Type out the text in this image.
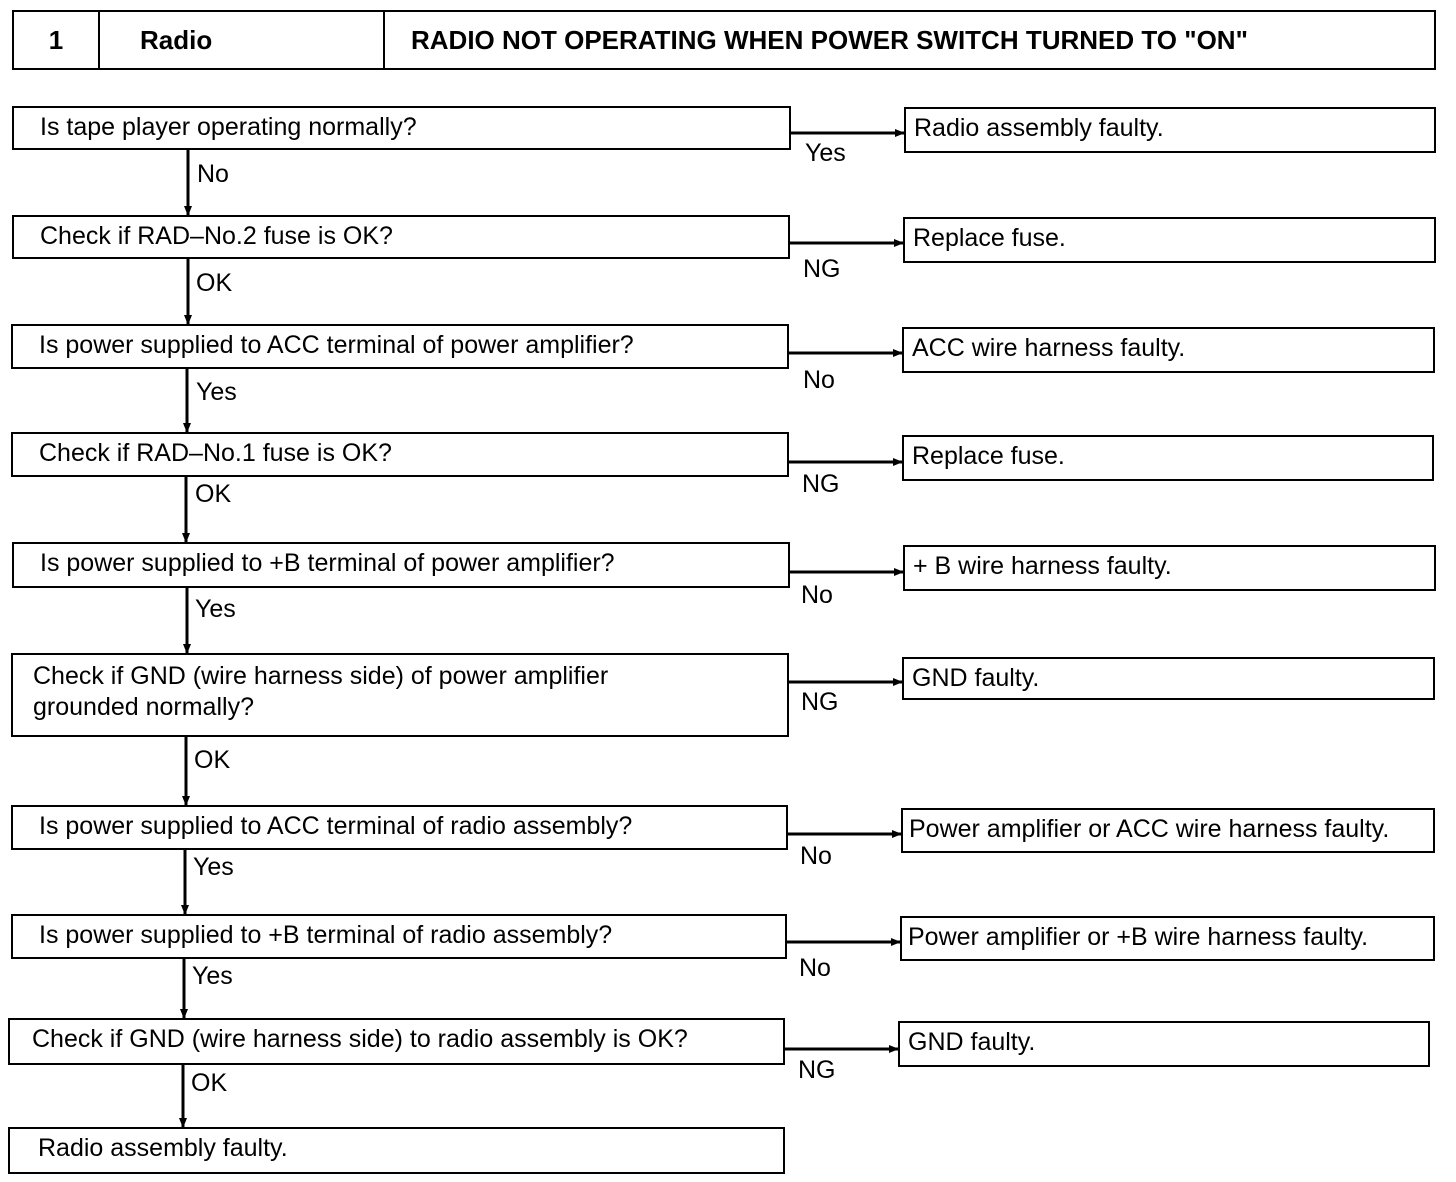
1	Radio	RADIO NOT OPERATING WHEN POWER SWITCH TURNED TO "ON"
Is tape player operating normally?	Radio assembly faulty.
Yes
No
Check if RAD–No.2 fuse is OK?	Replace fuse.
NG
OK
Is power supplied to ACC terminal of power amplifier?	ACC wire harness faulty.
No
Yes
Check if RAD–No.1 fuse is OK?	Replace fuse.
NG
OK
Is power supplied to +B terminal of power amplifier?	+ B wire harness faulty.
No
Yes
Check if GND (wire harness side) of power amplifier
grounded normally?
GND faulty.
NG
OK
Is power supplied to ACC terminal of radio assembly?	Power amplifier or ACC wire harness faulty.
No
Yes
Is power supplied to +B terminal of radio assembly?	Power amplifier or +B wire harness faulty.
No
Yes
Check if GND (wire harness side) to radio assembly is OK?	GND faulty.
NG
OK
Radio assembly faulty.
